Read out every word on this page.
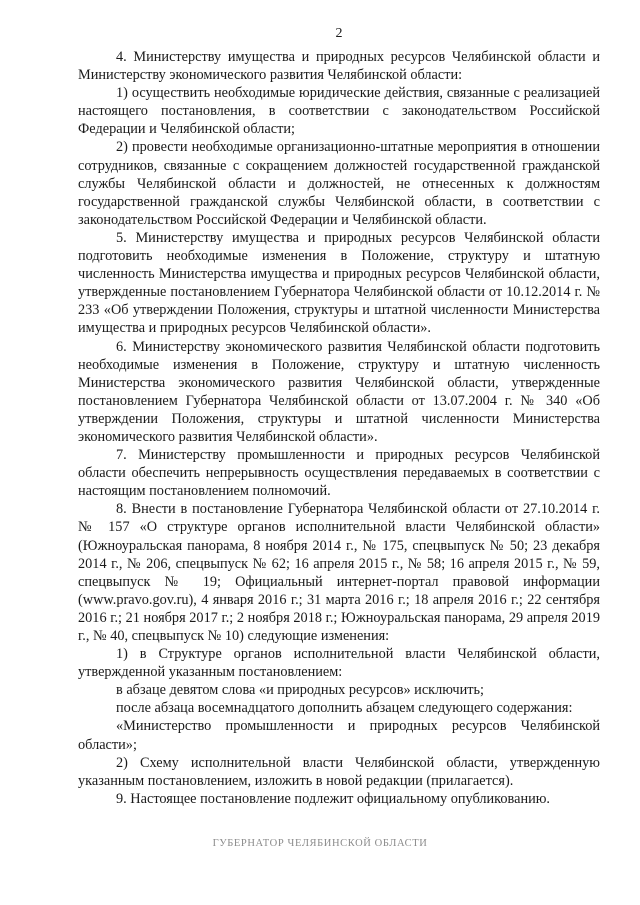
2

4. Министерству имущества и природных ресурсов Челябинской области и Министерству экономического развития Челябинской области:

1) осуществить необходимые юридические действия, связанные с реализацией настоящего постановления, в соответствии с законодательством Российской Федерации и Челябинской области;

2) провести необходимые организационно-штатные мероприятия в отношении сотрудников, связанные с сокращением должностей государственной гражданской службы Челябинской области и должностей, не отнесенных к должностям государственной гражданской службы Челябинской области, в соответствии с законодательством Российской Федерации и Челябинской области.

5. Министерству имущества и природных ресурсов Челябинской области подготовить необходимые изменения в Положение, структуру и штатную численность Министерства имущества и природных ресурсов Челябинской области, утвержденные постановлением Губернатора Челябинской области от 10.12.2014 г. № 233 «Об утверждении Положения, структуры и штатной численности Министерства имущества и природных ресурсов Челябинской области».

6. Министерству экономического развития Челябинской области подготовить необходимые изменения в Положение, структуру и штатную численность Министерства экономического развития Челябинской области, утвержденные постановлением Губернатора Челябинской области от 13.07.2004 г. № 340 «Об утверждении Положения, структуры и штатной численности Министерства экономического развития Челябинской области».

7. Министерству промышленности и природных ресурсов Челябинской области обеспечить непрерывность осуществления передаваемых в соответствии с настоящим постановлением полномочий.

8. Внести в постановление Губернатора Челябинской области от 27.10.2014 г. № 157 «О структуре органов исполнительной власти Челябинской области» (Южноуральская панорама, 8 ноября 2014 г., № 175, спецвыпуск № 50; 23 декабря 2014 г., № 206, спецвыпуск № 62; 16 апреля 2015 г., № 58; 16 апреля 2015 г., № 59, спецвыпуск № 19; Официальный интернет-портал правовой информации (www.pravo.gov.ru), 4 января 2016 г.; 31 марта 2016 г.; 18 апреля 2016 г.; 22 сентября 2016 г.; 21 ноября 2017 г.; 2 ноября 2018 г.; Южноуральская панорама, 29 апреля 2019 г., № 40, спецвыпуск № 10) следующие изменения:

1) в Структуре органов исполнительной власти Челябинской области, утвержденной указанным постановлением:

в абзаце девятом слова «и природных ресурсов» исключить;

после абзаца восемнадцатого дополнить абзацем следующего содержания:

«Министерство промышленности и природных ресурсов Челябинской области»;

2) Схему исполнительной власти Челябинской области, утвержденную указанным постановлением, изложить в новой редакции (прилагается).

9. Настоящее постановление подлежит официальному опубликованию.

ГУБЕРНАТОР ЧЕЛЯБИНСКОЙ ОБЛАСТИ
